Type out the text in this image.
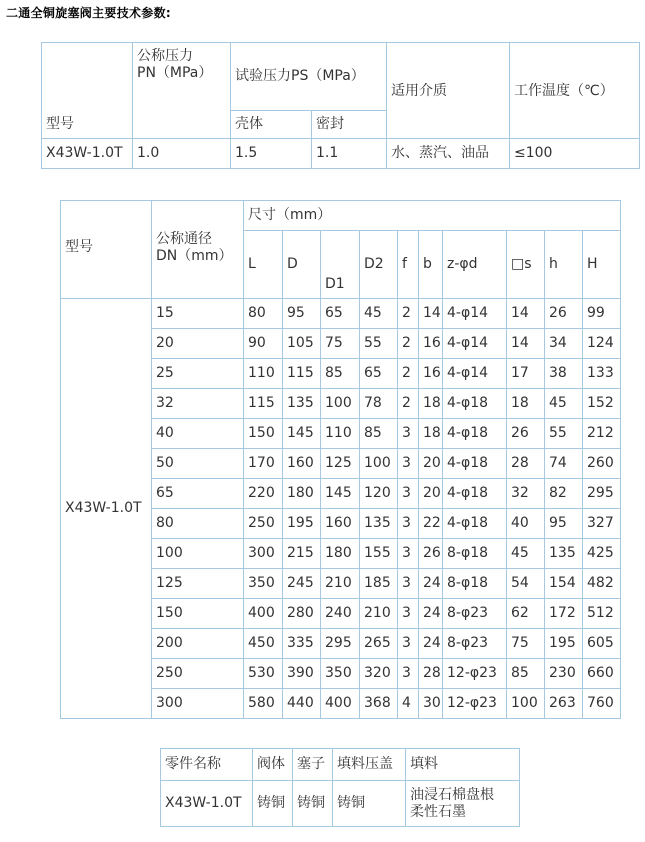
二通全铜旋塞阀主要技术参数:
型号	公称压力
PN（MPa）	试验压力PS（MPa）		适用介质	工作温度（℃）
		壳体	密封		
X43W-1.0T	1.0	1.5	1.1	水、蒸汽、油品	≤100
型号	公称通径
DN（mm）	尺寸（mm）									
		L	D	D1	D2	f	b	z-φd	□s	h	H
X43W-1.0T	15	80	95	65	45	2	14	4-φ14	14	26	99
	20	90	105	75	55	2	16	4-φ14	14	34	124
	25	110	115	85	65	2	16	4-φ14	17	38	133
	32	115	135	100	78	2	18	4-φ18	18	45	152
	40	150	145	110	85	3	18	4-φ18	26	55	212
	50	170	160	125	100	3	20	4-φ18	28	74	260
	65	220	180	145	120	3	20	4-φ18	32	82	295
	80	250	195	160	135	3	22	4-φ18	40	95	327
	100	300	215	180	155	3	26	8-φ18	45	135	425
	125	350	245	210	185	3	24	8-φ18	54	154	482
	150	400	280	240	210	3	24	8-φ23	62	172	512
	200	450	335	295	265	3	24	8-φ23	75	195	605
	250	530	390	350	320	3	28	12-φ23	85	230	660
	300	580	440	400	368	4	30	12-φ23	100	263	760
零件名称	阀体	塞子	填料压盖	填料
X43W-1.0T	铸铜	铸铜	铸铜	油浸石棉盘根
柔性石墨
